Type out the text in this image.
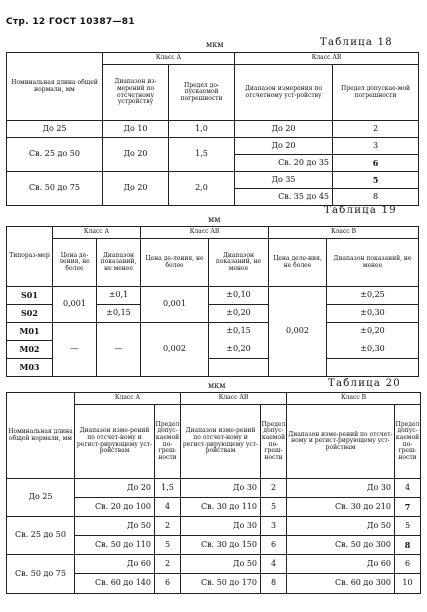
Стр. 12 ГОСТ 10387—81
мкм	Таблица 18
Номинальная длина общей нормали, мм	Класс А		Класс АВ	
	Диапазон из-мерений по отсчетному устройству	Предел до-пускаемой погрешности	Диапазон измерения по отсчетному уст-ройству	Предел допускае-мой погрешности
До 25	До 10	1,0	До 20	2
Св. 25 до 50	До 20	1,5	До 20	3
			Св. 20 до 35	6
Св. 50 до 75	До 20	2,0	До 35	5
			Св. 35 до 45	8
мм
Таблица 19
Типораз-мер	Класс А		Класс АВ		Класс В	
	Цена де-ления, не более	Диапазон показаний, не менее	Цена де-ления, не более	Диапазон показаний, не менее	Цена деле-ния, не более	Диапазон показаний, не менее
S01	0,001	±0,1	0,001	±0,10	0,002	±0,25
S02		±0,15		±0,20		±0,30
M01	—	—	0,002	±0,15		±0,20
M02				±0,20		±0,30
M03						
мкм	Таблица 20
Номинальная длина общей нормали, мм	Класс А		Класс АВ		Класс В	
	Диапазон изме-рений по отсчет-ному и регист-рирующему уст-ройствам	Предел допус-каемой по-греш-ности	Диапазон изме-рений по отсчет-ному и регист-рирующему уст-ройствам	Предел допус-каемой по-греш-ности	Диапазон изме-рений по отсчет-ному и регист-рирующему уст-ройствам	Предел допус-каемой по-греш-ности
До 25	До 20	1,5	До 30	2	До 30	4
	Св. 20 до 100	4	Св. 30 до 110	5	Св. 30 до 210	7
Св. 25 до 50	До 50	2	До 30	3	До 50	5
	Св. 50 до 110	5	Св. 30 до 150	6	Св. 50 до 300	8
Св. 50 до 75	До 60	2	До 50	4	До 60	6
	Св. 60 до 140	6	Св. 50 до 170	8	Св. 60 до 300	10
